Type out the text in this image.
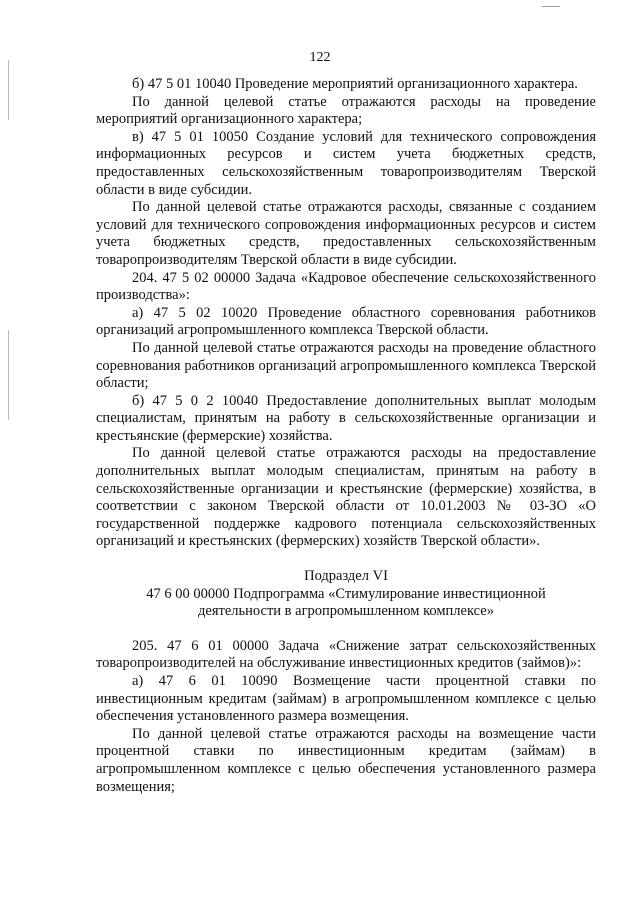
122

б) 47 5 01 10040 Проведение мероприятий организационного характера.

По данной целевой статье отражаются расходы на проведение мероприятий организационного характера;

в) 47 5 01 10050 Создание условий для технического сопровождения информационных ресурсов и систем учета бюджетных средств, предоставленных сельскохозяйственным товаропроизводителям Тверской области в виде субсидии.

По данной целевой статье отражаются расходы, связанные с созданием условий для технического сопровождения информационных ресурсов и систем учета бюджетных средств, предоставленных сельскохозяйственным товаропроизводителям Тверской области в виде субсидии.

204. 47 5 02 00000 Задача «Кадровое обеспечение сельскохозяйственного производства»:

а) 47 5 02 10020 Проведение областного соревнования работников организаций агропромышленного комплекса Тверской области.

По данной целевой статье отражаются расходы на проведение областного соревнования работников организаций агропромышленного комплекса Тверской области;

б) 47 5 0 2 10040 Предоставление дополнительных выплат молодым специалистам, принятым на работу в сельскохозяйственные организации и крестьянские (фермерские) хозяйства.

По данной целевой статье отражаются расходы на предоставление дополнительных выплат молодым специалистам, принятым на работу в сельскохозяйственные организации и крестьянские (фермерские) хозяйства, в соответствии с законом Тверской области от 10.01.2003 № 03-ЗО «О государственной поддержке кадрового потенциала сельскохозяйственных организаций и крестьянских (фермерских) хозяйств Тверской области».

Подраздел VI

47 6 00 00000 Подпрограмма «Стимулирование инвестиционной

деятельности в агропромышленном комплексе»

205. 47 6 01 00000 Задача «Снижение затрат сельскохозяйственных товаропроизводителей на обслуживание инвестиционных кредитов (займов)»:

а) 47 6 01 10090 Возмещение части процентной ставки по инвестиционным кредитам (займам) в агропромышленном комплексе с целью обеспечения установленного размера возмещения.

По данной целевой статье отражаются расходы на возмещение части процентной ставки по инвестиционным кредитам (займам) в агропромышленном комплексе с целью обеспечения установленного размера возмещения;
